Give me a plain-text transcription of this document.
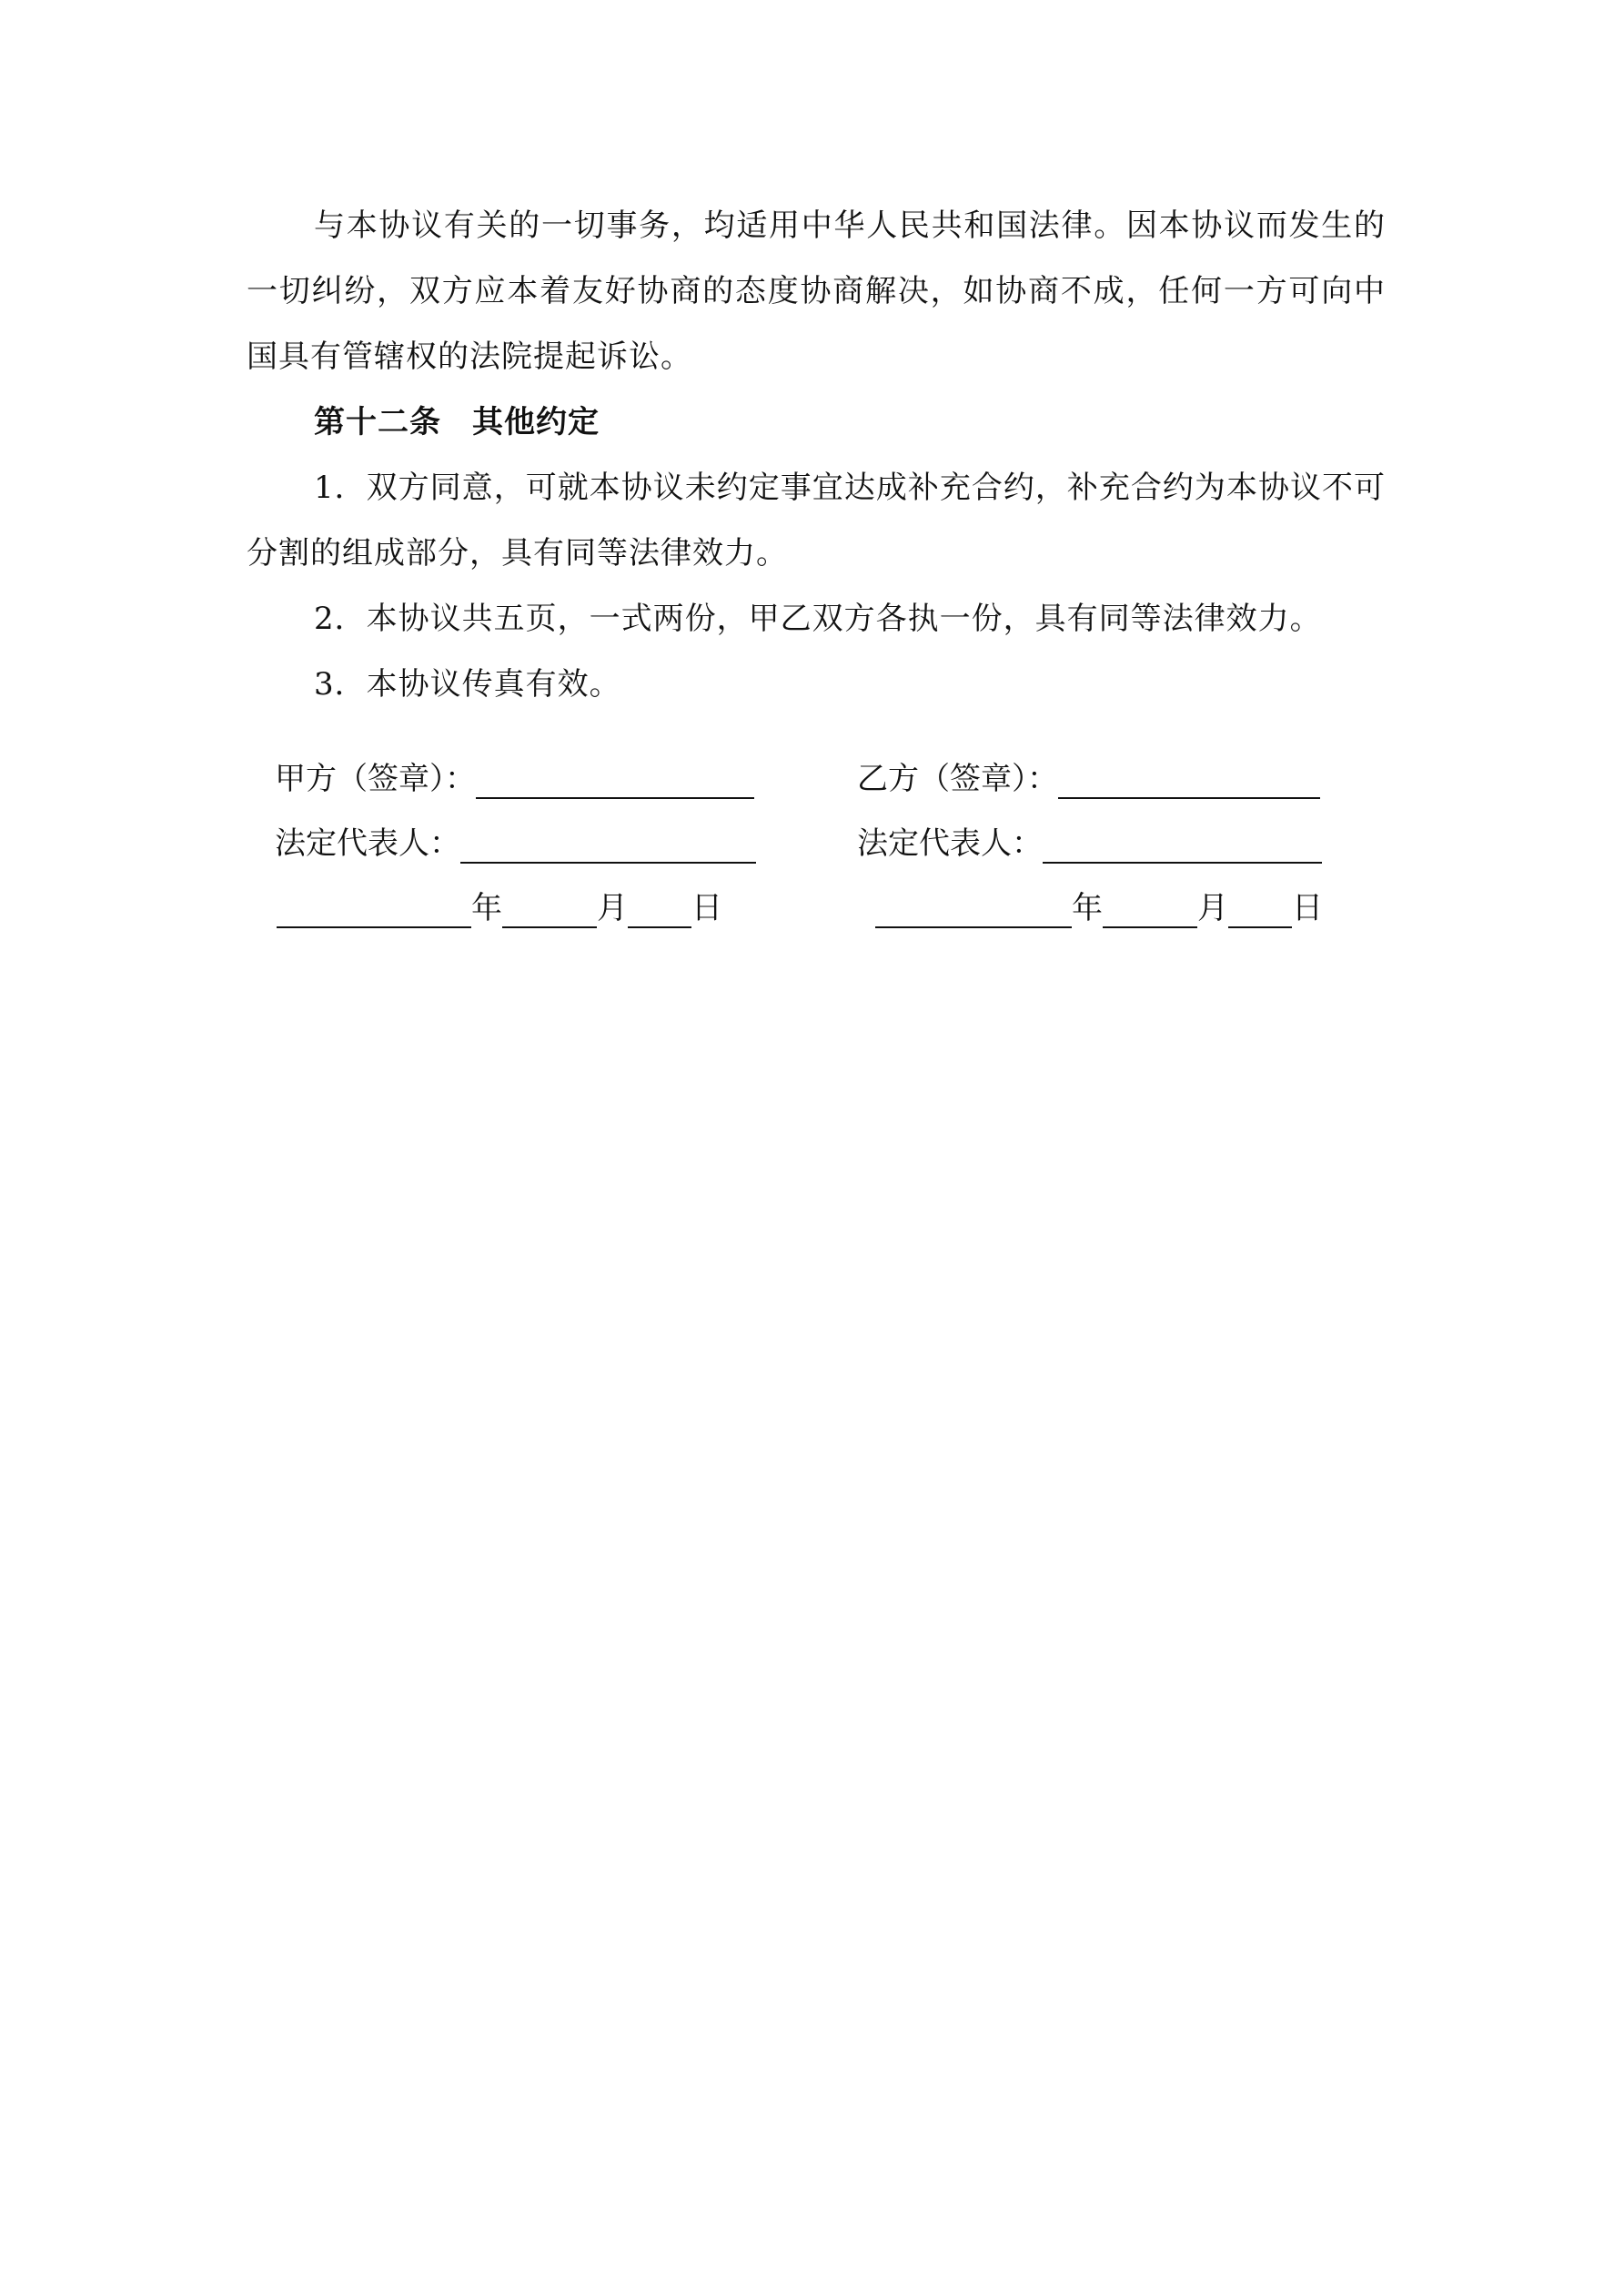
与本协议有关的一切事务，均适用中华人民共和国法律。因本协议而发生的一切纠纷，双方应本着友好协商的态度协商解决，如协商不成，任何一方可向中国具有管辖权的法院提起诉讼。

第十二条 其他约定

1．双方同意，可就本协议未约定事宜达成补充合约，补充合约为本协议不可分割的组成部分，具有同等法律效力。

2．本协议共五页，一式两份，甲乙双方各执一份，具有同等法律效力。

3．本协议传真有效。

甲方（签章）：	乙方（签章）：
法定代表人：	法定代表人：
年	月 日	年	月 日
